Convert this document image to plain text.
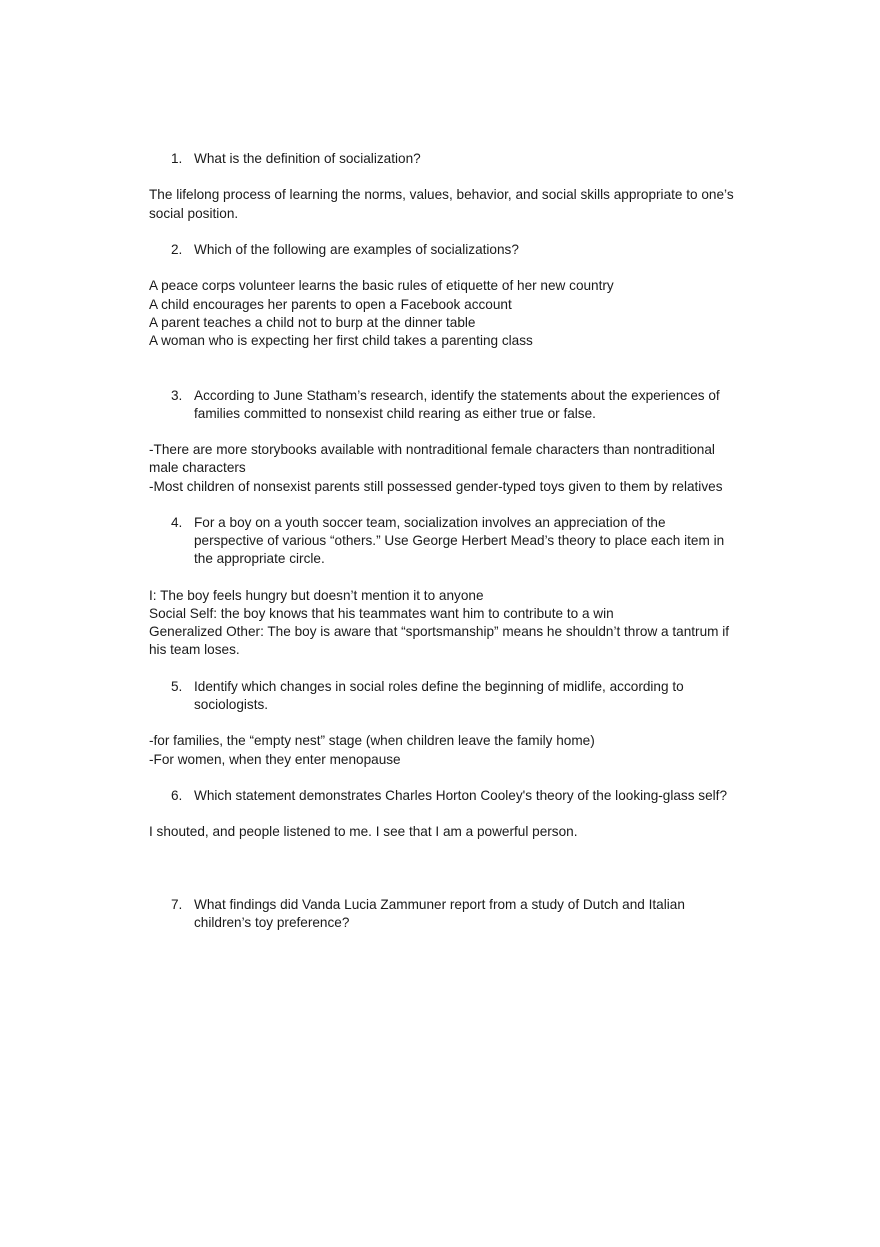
1. What is the definition of socialization?
The lifelong process of learning the norms, values, behavior, and social skills appropriate to one’s social position.
2. Which of the following are examples of socializations?
A peace corps volunteer learns the basic rules of etiquette of her new country
A child encourages her parents to open a Facebook account
A parent teaches a child not to burp at the dinner table
A woman who is expecting her first child takes a parenting class
3. According to June Statham’s research, identify the statements about the experiences of families committed to nonsexist child rearing as either true or false.
-There are more storybooks available with nontraditional female characters than nontraditional male characters
-Most children of nonsexist parents still possessed gender-typed toys given to them by relatives
4. For a boy on a youth soccer team, socialization involves an appreciation of the perspective of various “others.” Use George Herbert Mead’s theory to place each item in the appropriate circle.
I: The boy feels hungry but doesn’t mention it to anyone
Social Self: the boy knows that his teammates want him to contribute to a win
Generalized Other: The boy is aware that “sportsmanship” means he shouldn’t throw a tantrum if his team loses.
5. Identify which changes in social roles define the beginning of midlife, according to sociologists.
-for families, the “empty nest” stage (when children leave the family home)
-For women, when they enter menopause
6. Which statement demonstrates Charles Horton Cooley's theory of the looking-glass self?
I shouted, and people listened to me. I see that I am a powerful person.
7. What findings did Vanda Lucia Zammuner report from a study of Dutch and Italian children’s toy preference?
